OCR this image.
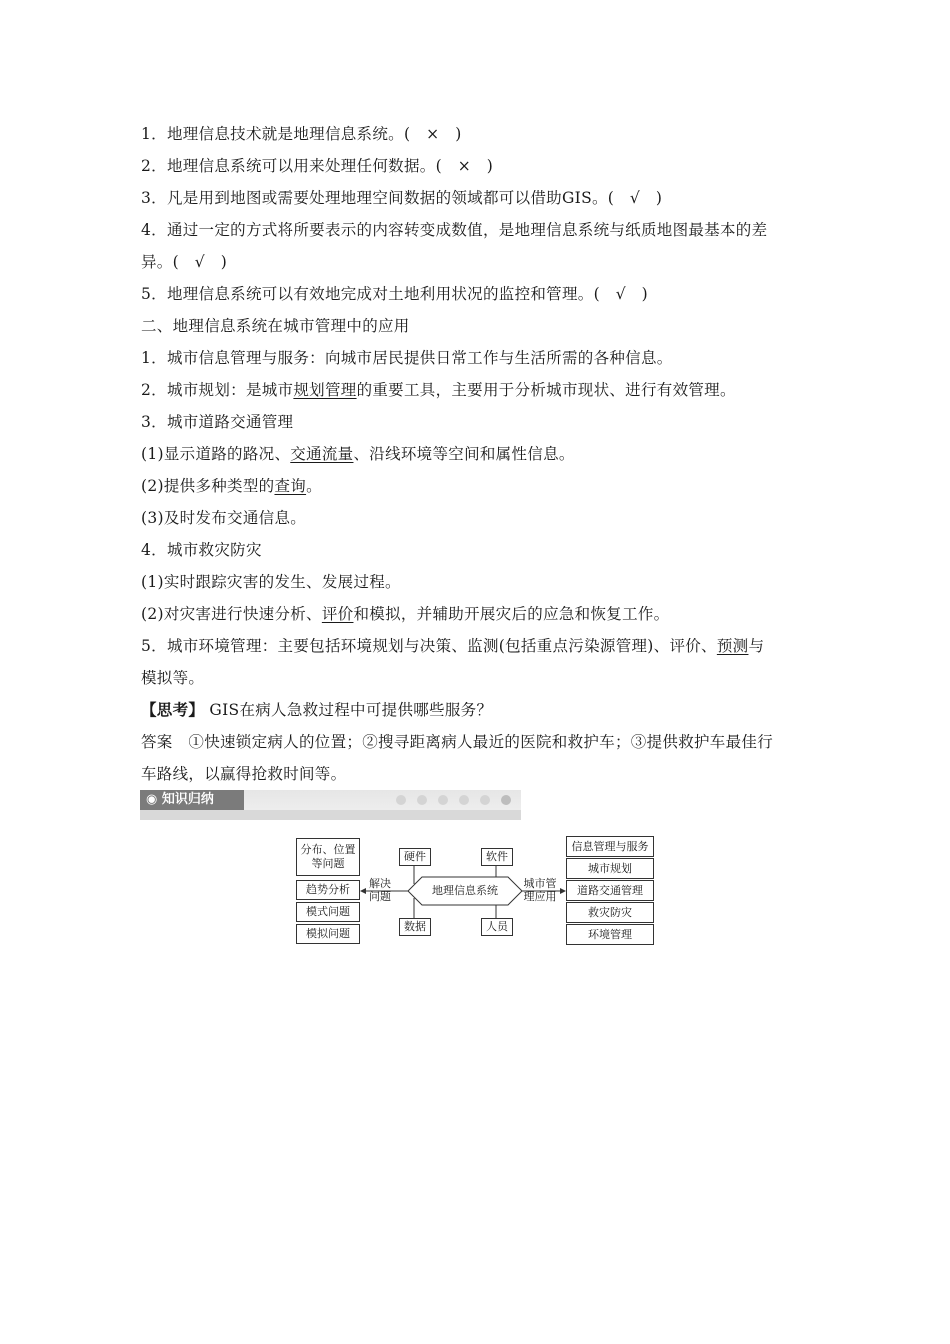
1．地理信息技术就是地理信息系统。(　×　)
2．地理信息系统可以用来处理任何数据。(　×　)
3．凡是用到地图或需要处理地理空间数据的领域都可以借助GIS。(　√　)
4．通过一定的方式将所要表示的内容转变成数值，是地理信息系统与纸质地图最基本的差
异。(　√　)
5．地理信息系统可以有效地完成对土地利用状况的监控和管理。(　√　)
二、地理信息系统在城市管理中的应用
1．城市信息管理与服务：向城市居民提供日常工作与生活所需的各种信息。
2．城市规划：是城市规划管理的重要工具，主要用于分析城市现状、进行有效管理。
3．城市道路交通管理
(1)显示道路的路况、交通流量、沿线环境等空间和属性信息。
(2)提供多种类型的查询。
(3)及时发布交通信息。
4．城市救灾防灾
(1)实时跟踪灾害的发生、发展过程。
(2)对灾害进行快速分析、评价和模拟，并辅助开展灾后的应急和恢复工作。
5．城市环境管理：主要包括环境规划与决策、监测(包括重点污染源管理)、评价、预测与
模拟等。
【思考】 GIS在病人急救过程中可提供哪些服务？
答案　①快速锁定病人的位置；②搜寻距离病人最近的医院和救护车；③提供救护车最佳行
车路线，以赢得抢救时间等。
◉ 知识归纳
分布、位置等问题
趋势分析
模式问题
模拟问题
解决问题
硬件	软件
地理信息系统
数据	人员
城市管理应用
信息管理与服务
城市规划
道路交通管理
救灾防灾
环境管理
